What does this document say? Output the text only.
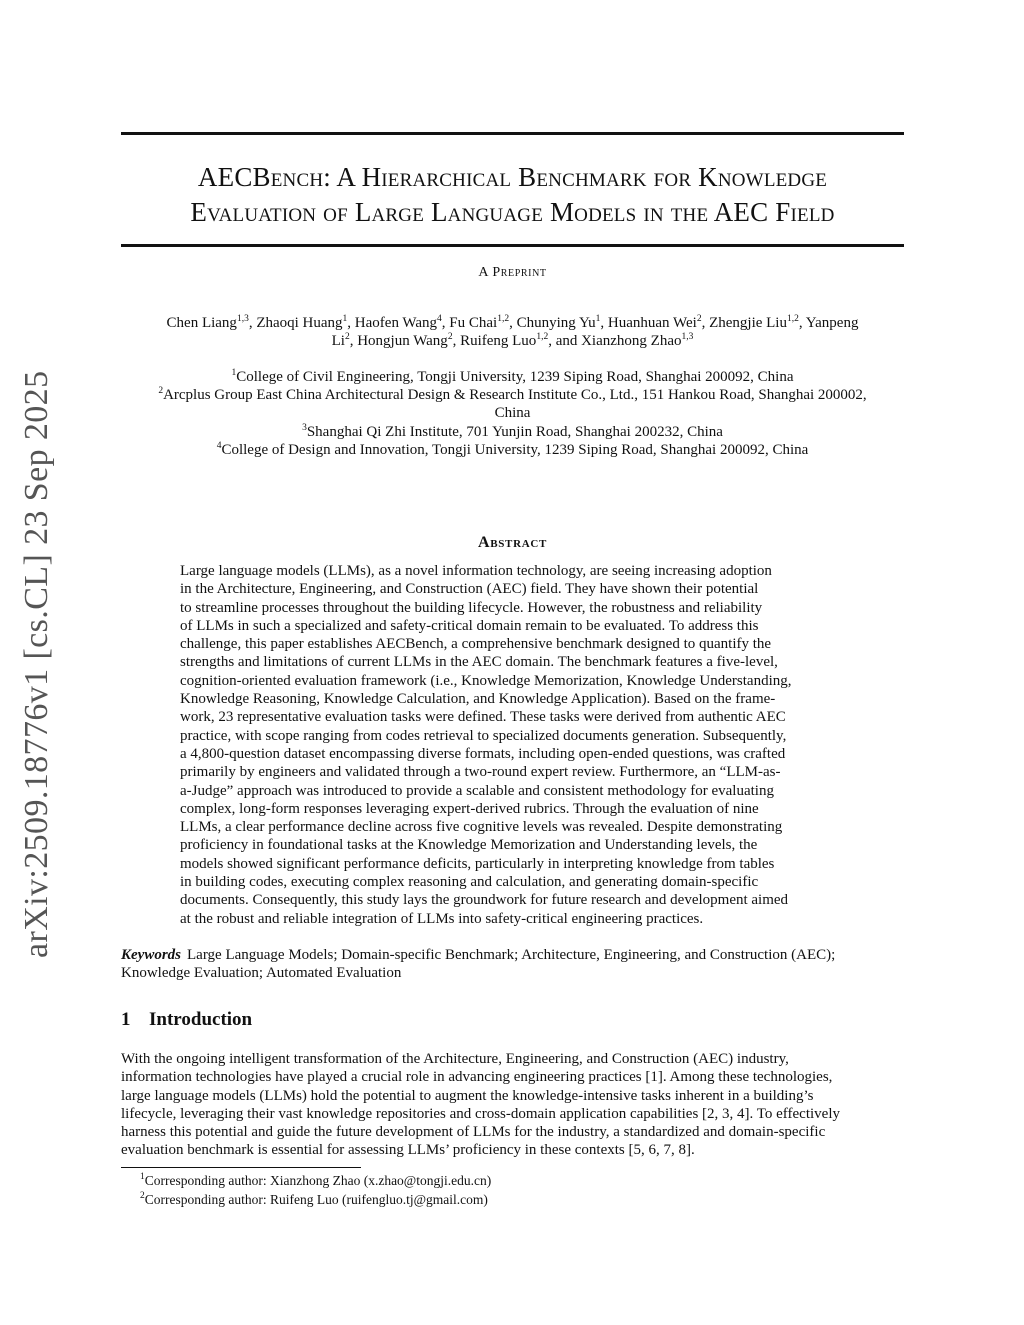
arXiv:2509.18776v1 [cs.CL] 23 Sep 2025
AECBench: A Hierarchical Benchmark for Knowledge
Evaluation of Large Language Models in the AEC Field
A Preprint
Chen Liang$^{1,3}$, Zhaoqi Huang$^1$, Haofen Wang$^4$, Fu Chai$^{1,2}$, Chunying Yu$^1$, Huanhuan Wei$^2$, Zhengjie Liu$^{1,2}$, Yanpeng
Li$^2$, Hongjun Wang$^2$, Ruifeng Luo$^{1,2}$, and Xianzhong Zhao$^{1,3}$
$^1$College of Civil Engineering, Tongji University, 1239 Siping Road, Shanghai 200092, China
$^2$Arcplus Group East China Architectural Design & Research Institute Co., Ltd., 151 Hankou Road, Shanghai 200002,
China
$^3$Shanghai Qi Zhi Institute, 701 Yunjin Road, Shanghai 200232, China
$^4$College of Design and Innovation, Tongji University, 1239 Siping Road, Shanghai 200092, China
Abstract
Large language models (LLMs), as a novel information technology, are seeing increasing adoption
in the Architecture, Engineering, and Construction (AEC) field. They have shown their potential
to streamline processes throughout the building lifecycle. However, the robustness and reliability
of LLMs in such a specialized and safety-critical domain remain to be evaluated. To address this
challenge, this paper establishes AECBench, a comprehensive benchmark designed to quantify the
strengths and limitations of current LLMs in the AEC domain. The benchmark features a five-level,
cognition-oriented evaluation framework (i.e., Knowledge Memorization, Knowledge Understanding,
Knowledge Reasoning, Knowledge Calculation, and Knowledge Application). Based on the frame-
work, 23 representative evaluation tasks were defined. These tasks were derived from authentic AEC
practice, with scope ranging from codes retrieval to specialized documents generation. Subsequently,
a 4,800-question dataset encompassing diverse formats, including open-ended questions, was crafted
primarily by engineers and validated through a two-round expert review. Furthermore, an “LLM-as-
a-Judge” approach was introduced to provide a scalable and consistent methodology for evaluating
complex, long-form responses leveraging expert-derived rubrics. Through the evaluation of nine
LLMs, a clear performance decline across five cognitive levels was revealed. Despite demonstrating
proficiency in foundational tasks at the Knowledge Memorization and Understanding levels, the
models showed significant performance deficits, particularly in interpreting knowledge from tables
in building codes, executing complex reasoning and calculation, and generating domain-specific
documents. Consequently, this study lays the groundwork for future research and development aimed
at the robust and reliable integration of LLMs into safety-critical engineering practices.
Keywords Large Language Models; Domain-specific Benchmark; Architecture, Engineering, and Construction (AEC);
Knowledge Evaluation; Automated Evaluation
1 Introduction
With the ongoing intelligent transformation of the Architecture, Engineering, and Construction (AEC) industry,
information technologies have played a crucial role in advancing engineering practices [1]. Among these technologies,
large language models (LLMs) hold the potential to augment the knowledge-intensive tasks inherent in a building’s
lifecycle, leveraging their vast knowledge repositories and cross-domain application capabilities [2, 3, 4]. To effectively
harness this potential and guide the future development of LLMs for the industry, a standardized and domain-specific
evaluation benchmark is essential for assessing LLMs’ proficiency in these contexts [5, 6, 7, 8].
$^1$Corresponding author: Xianzhong Zhao (x.zhao@tongji.edu.cn)
$^2$Corresponding author: Ruifeng Luo (ruifengluo.tj@gmail.com)
